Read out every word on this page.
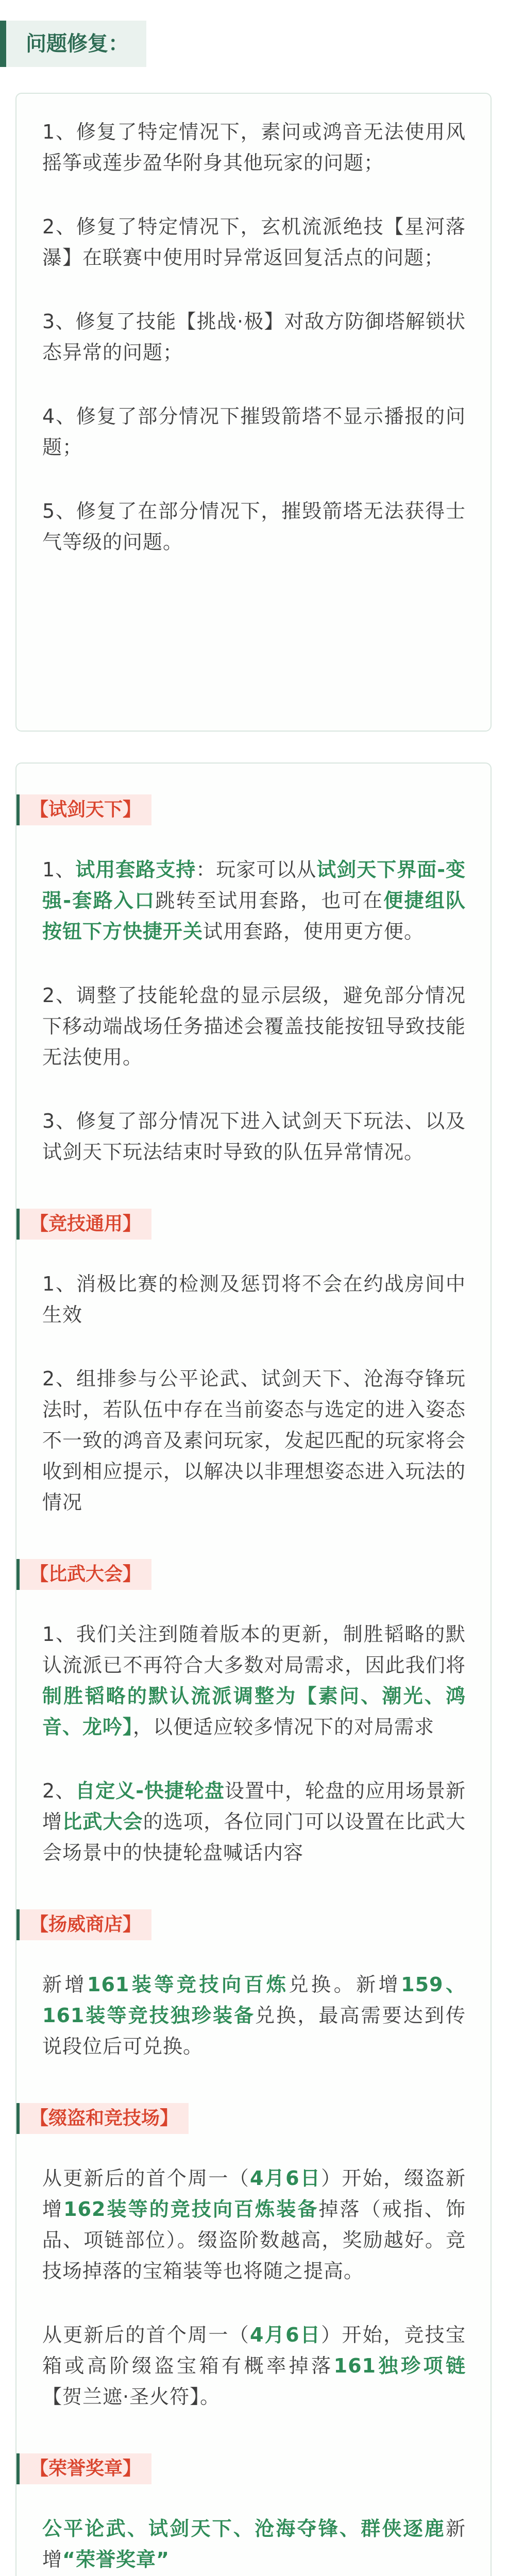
问题修复：

1、修复了特定情况下，素问或鸿音无法使用风摇筝或莲步盈华附身其他玩家的问题；

2、修复了特定情况下，玄机流派绝技【星河落瀑】在联赛中使用时异常返回复活点的问题；

3、修复了技能【挑战·极】对敌方防御塔解锁状态异常的问题；

4、修复了部分情况下摧毁箭塔不显示播报的问题；

5、修复了在部分情况下，摧毁箭塔无法获得士气等级的问题。

【试剑天下】

1、试用套路支持：玩家可以从试剑天下界面-变强-套路入口跳转至试用套路，也可在便捷组队按钮下方快捷开关试用套路，使用更方便。

2、调整了技能轮盘的显示层级，避免部分情况下移动端战场任务描述会覆盖技能按钮导致技能无法使用。

3、修复了部分情况下进入试剑天下玩法、以及试剑天下玩法结束时导致的队伍异常情况。

【竞技通用】

1、消极比赛的检测及惩罚将不会在约战房间中生效

2、组排参与公平论武、试剑天下、沧海夺锋玩法时，若队伍中存在当前姿态与选定的进入姿态不一致的鸿音及素问玩家，发起匹配的玩家将会收到相应提示，以解决以非理想姿态进入玩法的情况

【比武大会】

1、我们关注到随着版本的更新，制胜韬略的默认流派已不再符合大多数对局需求，因此我们将制胜韬略的默认流派调整为【素问、潮光、鸿音、龙吟】，以便适应较多情况下的对局需求

2、自定义-快捷轮盘设置中，轮盘的应用场景新增比武大会的选项，各位同门可以设置在比武大会场景中的快捷轮盘喊话内容

【扬威商店】

新增161装等竞技向百炼兑换。新增159、161装等竞技独珍装备兑换，最高需要达到传说段位后可兑换。

【缀盗和竞技场】

从更新后的首个周一（4月6日）开始，缀盗新增162装等的竞技向百炼装备掉落（戒指、饰品、项链部位）。缀盗阶数越高，奖励越好。竞技场掉落的宝箱装等也将随之提高。

从更新后的首个周一（4月6日）开始，竞技宝箱或高阶缀盗宝箱有概率掉落161独珍项链【贺兰遮·圣火符】。

【荣誉奖章】

公平论武、试剑天下、沧海夺锋、群侠逐鹿新增“荣誉奖章”
